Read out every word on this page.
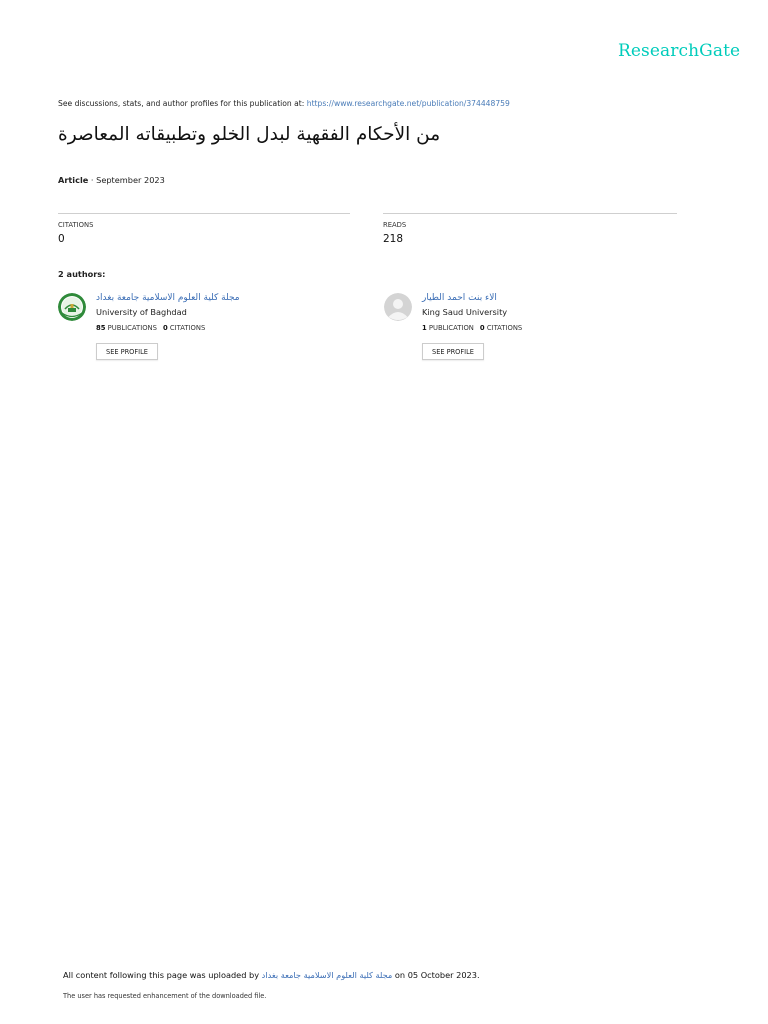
ResearchGate
See discussions, stats, and author profiles for this publication at: https://www.researchgate.net/publication/374448759
من الأحكام الفقهية لبدل الخلو وتطبيقاته المعاصرة
Article · September 2023
CITATIONS
0
READS
218
2 authors:
مجلة كلية العلوم الاسلامية جامعة بغداد
University of Baghdad
85 PUBLICATIONS 0 CITATIONS
SEE PROFILE
الاء بنت احمد الطيار
King Saud University
1 PUBLICATION 0 CITATIONS
SEE PROFILE
All content following this page was uploaded by مجلة كلية العلوم الاسلامية جامعة بغداد on 05 October 2023.
The user has requested enhancement of the downloaded file.
